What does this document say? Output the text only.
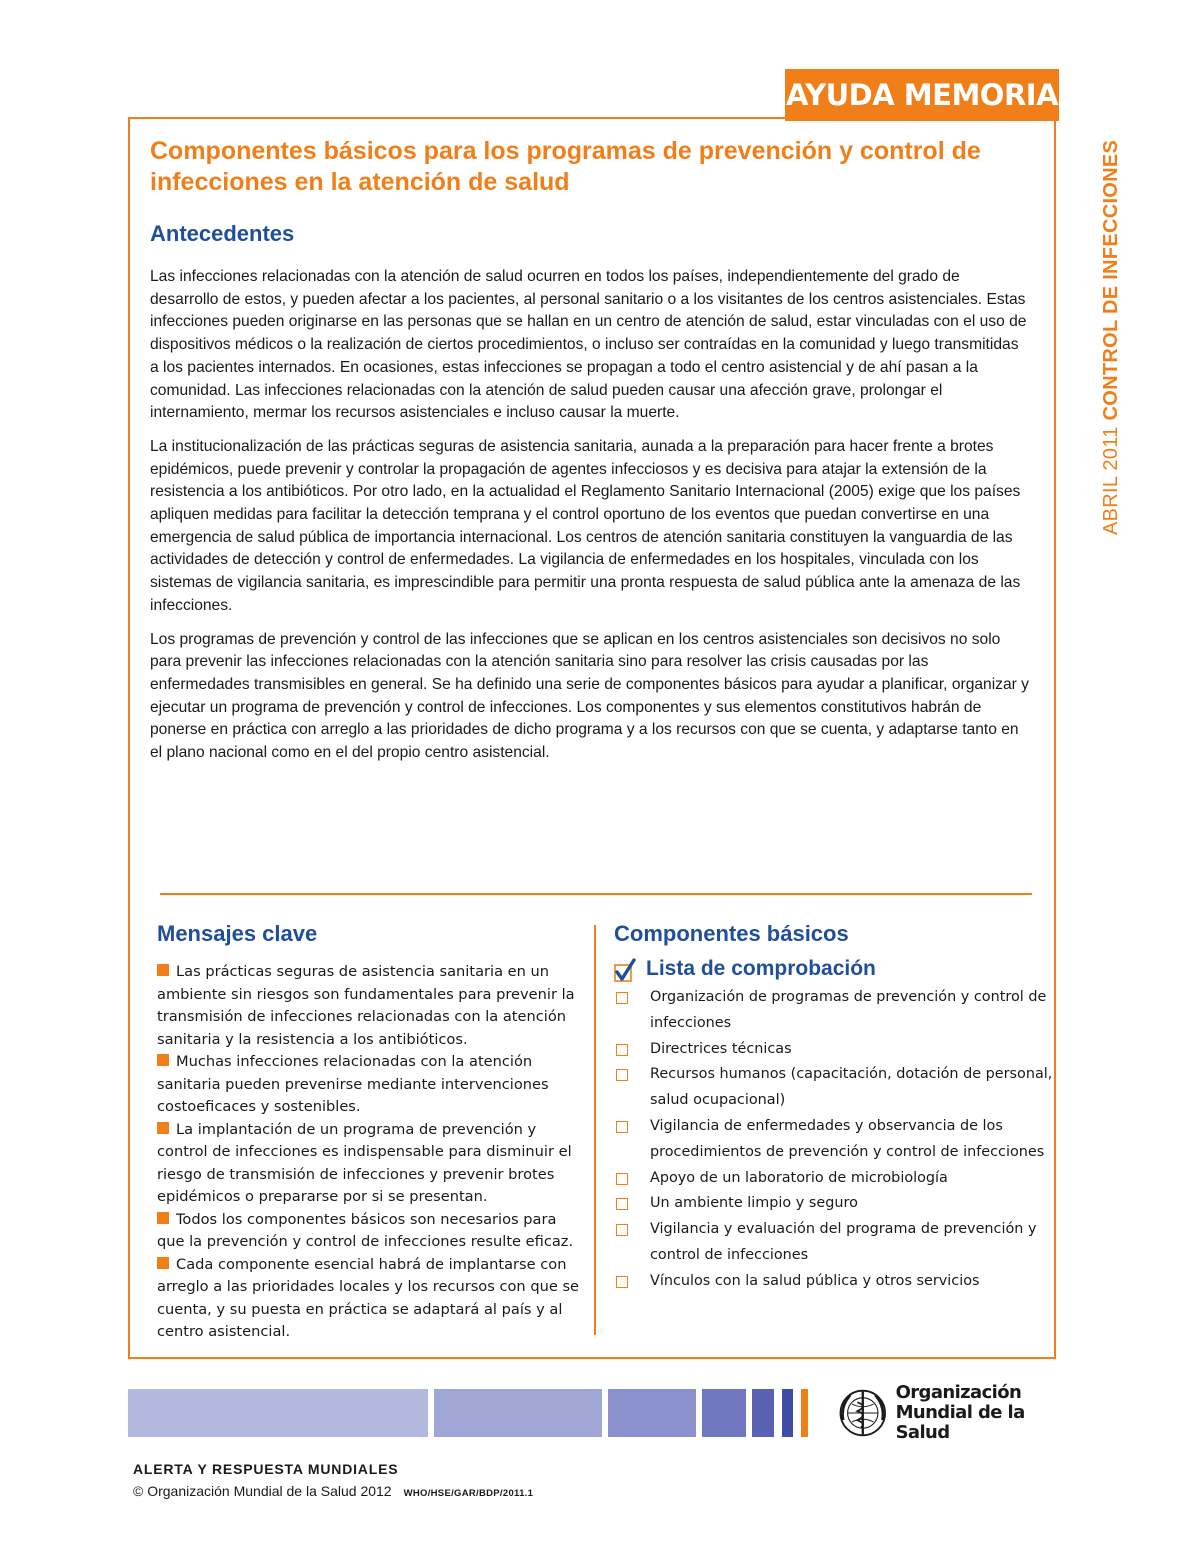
AYUDA MEMORIA
ABRIL 2011 CONTROL DE INFECCIONES
Componentes básicos para los programas de prevención y control de infecciones en la atención de salud
Antecedentes

Las infecciones relacionadas con la atención de salud ocurren en todos los países, independientemente del grado de desarrollo de estos, y pueden afectar a los pacientes, al personal sanitario o a los visitantes de los centros asistenciales. Estas infecciones pueden originarse en las personas que se hallan en un centro de atención de salud, estar vinculadas con el uso de dispositivos médicos o la realización de ciertos procedimientos, o incluso ser contraídas en la comunidad y luego transmitidas a los pacientes internados. En ocasiones, estas infecciones se propagan a todo el centro asistencial y de ahí pasan a la comunidad. Las infecciones relacionadas con la atención de salud pueden causar una afección grave, prolongar el internamiento, mermar los recursos asistenciales e incluso causar la muerte.

La institucionalización de las prácticas seguras de asistencia sanitaria, aunada a la preparación para hacer frente a brotes epidémicos, puede prevenir y controlar la propagación de agentes infecciosos y es decisiva para atajar la extensión de la resistencia a los antibióticos. Por otro lado, en la actualidad el Reglamento Sanitario Internacional (2005) exige que los países apliquen medidas para facilitar la detección temprana y el control oportuno de los eventos que puedan convertirse en una emergencia de salud pública de importancia internacional. Los centros de atención sanitaria constituyen la vanguardia de las actividades de detección y control de enfermedades. La vigilancia de enfermedades en los hospitales, vinculada con los sistemas de vigilancia sanitaria, es imprescindible para permitir una pronta respuesta de salud pública ante la amenaza de las infecciones.

Los programas de prevención y control de las infecciones que se aplican en los centros asistenciales son decisivos no solo para prevenir las infecciones relacionadas con la atención sanitaria sino para resolver las crisis causadas por las enfermedades transmisibles en general. Se ha definido una serie de componentes básicos para ayudar a planificar, organizar y ejecutar un programa de prevención y control de infecciones. Los componentes y sus elementos constitutivos habrán de ponerse en práctica con arreglo a las prioridades de dicho programa y a los recursos con que se cuenta, y adaptarse tanto en el plano nacional como en el del propio centro asistencial.

Mensajes clave
Las prácticas seguras de asistencia sanitaria en un ambiente sin riesgos son fundamentales para prevenir la transmisión de infecciones relacionadas con la atención sanitaria y la resistencia a los antibióticos.
Muchas infecciones relacionadas con la atención sanitaria pueden prevenirse mediante intervenciones costoeficaces y sostenibles.
La implantación de un programa de prevención y control de infecciones es indispensable para disminuir el riesgo de transmisión de infecciones y prevenir brotes epidémicos o prepararse por si se presentan.
Todos los componentes básicos son necesarios para que la prevención y control de infecciones resulte eficaz.
Cada componente esencial habrá de implantarse con arreglo a las prioridades locales y los recursos con que se cuenta, y su puesta en práctica se adaptará al país y al centro asistencial.
Componentes básicos
Lista de comprobación
Organización de programas de prevención y control de infecciones
Directrices técnicas
Recursos humanos (capacitación, dotación de personal, salud ocupacional)
Vigilancia de enfermedades y observancia de los procedimientos de prevención y control de infecciones
Apoyo de un laboratorio de microbiología
Un ambiente limpio y seguro
Vigilancia y evaluación del programa de prevención y control de infecciones
Vínculos con la salud pública y otros servicios
Organización
Mundial de la Salud
ALERTA Y RESPUESTA MUNDIALES
© Organización Mundial de la Salud 2012 WHO/HSE/GAR/BDP/2011.1
